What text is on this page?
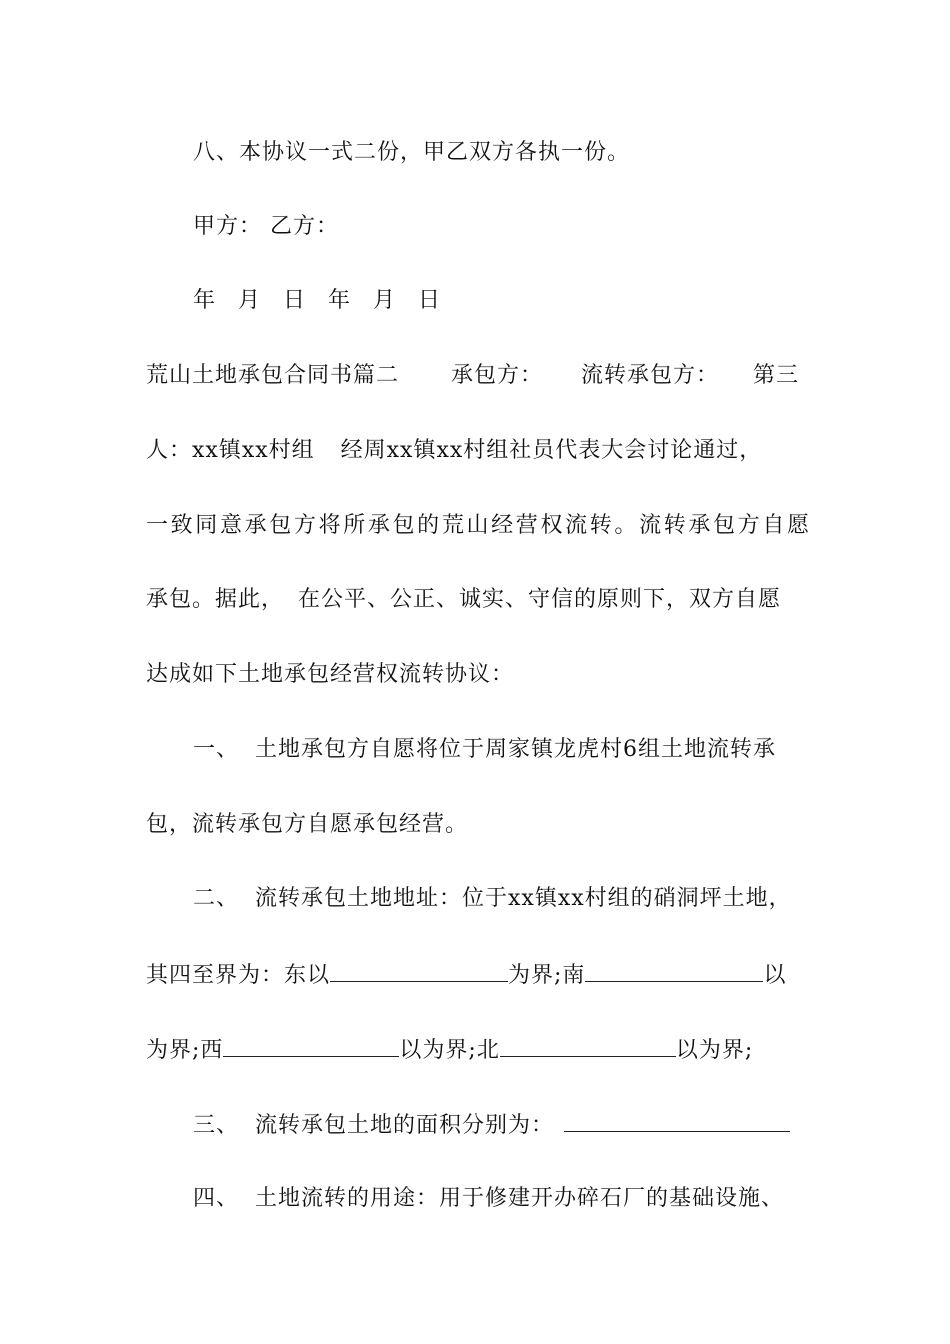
八、本协议一式二份，甲乙双方各执一份。
甲方： 乙方：
年 月 日 年 月 日
荒山土地承包合同书篇二 承包方： 流转承包方： 第三
人：xx镇xx村组 经周xx镇xx村组社员代表大会讨论通过，
一致同意承包方将所承包的荒山经营权流转。流转承包方自愿
承包。据此， 在公平、公正、诚实、守信的原则下，双方自愿
达成如下土地承包经营权流转协议：
一、 土地承包方自愿将位于周家镇龙虎村6组土地流转承
包，流转承包方自愿承包经营。
二、 流转承包土地地址：位于xx镇xx村组的硝洞坪土地，
其四至界为：东以	为界;南	以
为界;西	以为界;北	以为界;
三、 流转承包土地的面积分别为：
四、 土地流转的用途：用于修建开办碎石厂的基础设施、
